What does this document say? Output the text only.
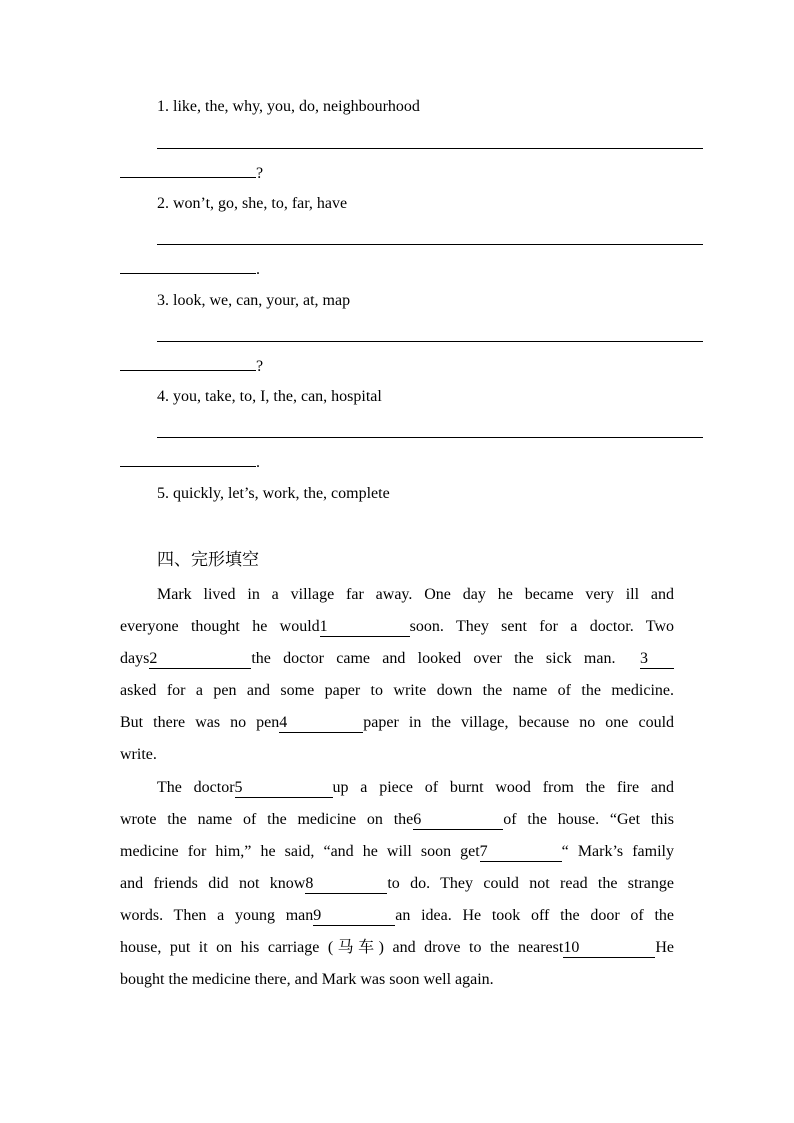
1. like, the, why, you, do, neighbourhood
?
2. won’t, go, she, to, far, have
.
3. look, we, can, your, at, map
?
4. you, take, to, I, the, can, hospital
.
5. quickly, let’s, work, the, complete
四、完形填空
Mark lived in a village far away. One day he became very ill and
everyone thought he would1	soon. They sent for a doctor. Two
days2	the doctor came and looked over the sick man. 3
asked for a pen and some paper to write down the name of the medicine.
But there was no pen4	paper in the village, because no one could
write.
The doctor5	up a piece of burnt wood from the fire and
wrote the name of the medicine on the6	of the house. “Get this
medicine for him,” he said, “and he will soon get7	“ Mark’s family
and friends did not know8	to do. They could not read the strange
words. Then a young man9	an idea. He took off the door of the
house, put it on his carriage (马车) and drove to the nearest10	He
bought the medicine there, and Mark was soon well again.
